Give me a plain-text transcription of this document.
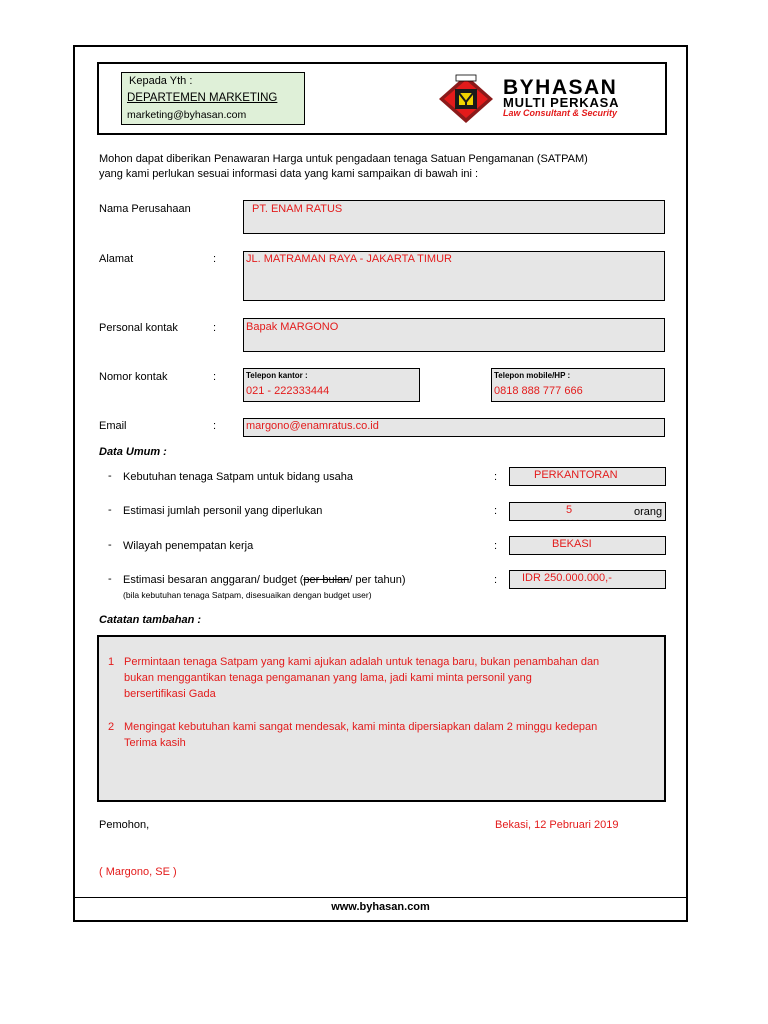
Kepada Yth :
DEPARTEMEN MARKETING
marketing@byhasan.com
BYHASAN
MULTI PERKASA
Law Consultant & Security
Mohon dapat diberikan Penawaran Harga untuk pengadaan tenaga Satuan Pengamanan (SATPAM)
yang kami perlukan sesuai informasi data yang kami sampaikan di bawah ini :
Nama Perusahaan	PT. ENAM RATUS
Alamat	:	JL. MATRAMAN RAYA - JAKARTA TIMUR
Personal kontak	:	Bapak MARGONO
Nomor kontak	:	Telepon kantor :
021 - 222333444
Telepon mobile/HP :
0818 888 777 666
Email	:	margono@enamratus.co.id
Data Umum :
- Kebutuhan tenaga Satpam untuk bidang usaha	:	PERKANTORAN
- Estimasi jumlah personil yang diperlukan	:	5	orang
- Wilayah penempatan kerja	:	BEKASI
- Estimasi besaran anggaran/ budget (per bulan/ per tahun)	: IDR 250.000.000,-
(bila kebutuhan tenaga Satpam, disesuaikan dengan budget user)
Catatan tambahan :
1 Permintaan tenaga Satpam yang kami ajukan adalah untuk tenaga baru, bukan penambahan dan
bukan menggantikan tenaga pengamanan yang lama, jadi kami minta personil yang
bersertifikasi Gada
2 Mengingat kebutuhan kami sangat mendesak, kami minta dipersiapkan dalam 2 minggu kedepan
Terima kasih
Pemohon,	Bekasi, 12 Pebruari 2019
( Margono, SE )
www.byhasan.com
